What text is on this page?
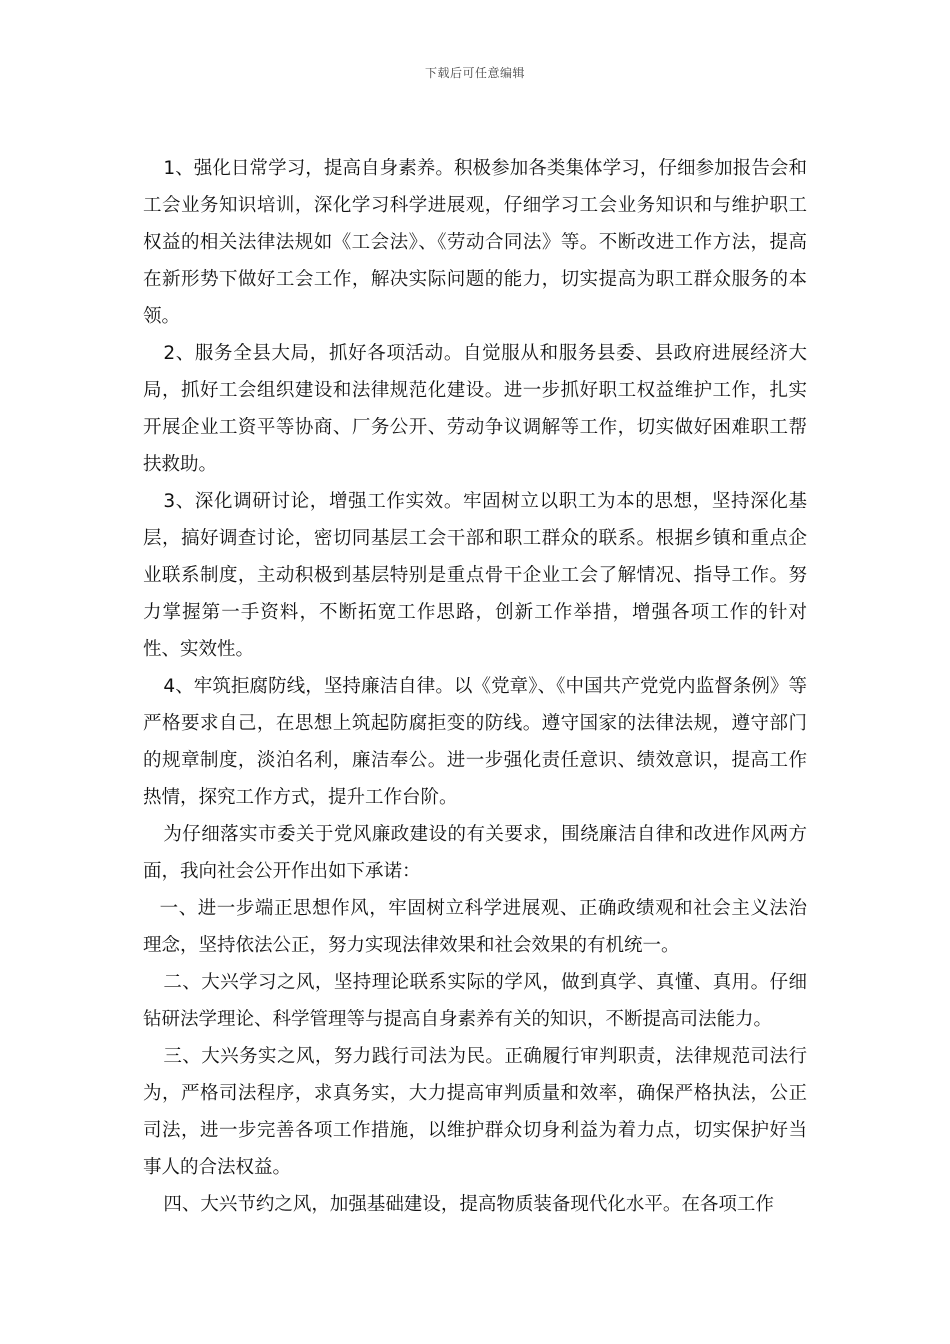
下载后可任意编辑

1、强化日常学习，提高自身素养。积极参加各类集体学习，仔细参加报告会和工会业务知识培训，深化学习科学进展观，仔细学习工会业务知识和与维护职工权益的相关法律法规如《工会法》、《劳动合同法》等。不断改进工作方法，提高在新形势下做好工会工作，解决实际问题的能力，切实提高为职工群众服务的本领。

2、服务全县大局，抓好各项活动。自觉服从和服务县委、县政府进展经济大局，抓好工会组织建设和法律规范化建设。进一步抓好职工权益维护工作，扎实开展企业工资平等协商、厂务公开、劳动争议调解等工作，切实做好困难职工帮扶救助。

3、深化调研讨论，增强工作实效。牢固树立以职工为本的思想，坚持深化基层，搞好调查讨论，密切同基层工会干部和职工群众的联系。根据乡镇和重点企业联系制度，主动积极到基层特别是重点骨干企业工会了解情况、指导工作。努力掌握第一手资料，不断拓宽工作思路，创新工作举措，增强各项工作的针对性、实效性。

4、牢筑拒腐防线，坚持廉洁自律。以《党章》、《中国共产党党内监督条例》等严格要求自己，在思想上筑起防腐拒变的防线。遵守国家的法律法规，遵守部门的规章制度，淡泊名利，廉洁奉公。进一步强化责任意识、绩效意识，提高工作热情，探究工作方式，提升工作台阶。

为仔细落实市委关于党风廉政建设的有关要求，围绕廉洁自律和改进作风两方面，我向社会公开作出如下承诺：

一、进一步端正思想作风，牢固树立科学进展观、正确政绩观和社会主义法治理念，坚持依法公正，努力实现法律效果和社会效果的有机统一。

二、大兴学习之风，坚持理论联系实际的学风，做到真学、真懂、真用。仔细钻研法学理论、科学管理等与提高自身素养有关的知识，不断提高司法能力。

三、大兴务实之风，努力践行司法为民。正确履行审判职责，法律规范司法行为，严格司法程序，求真务实，大力提高审判质量和效率，确保严格执法，公正司法，进一步完善各项工作措施，以维护群众切身利益为着力点，切实保护好当事人的合法权益。

四、大兴节约之风，加强基础建设，提高物质装备现代化水平。在各项工作
